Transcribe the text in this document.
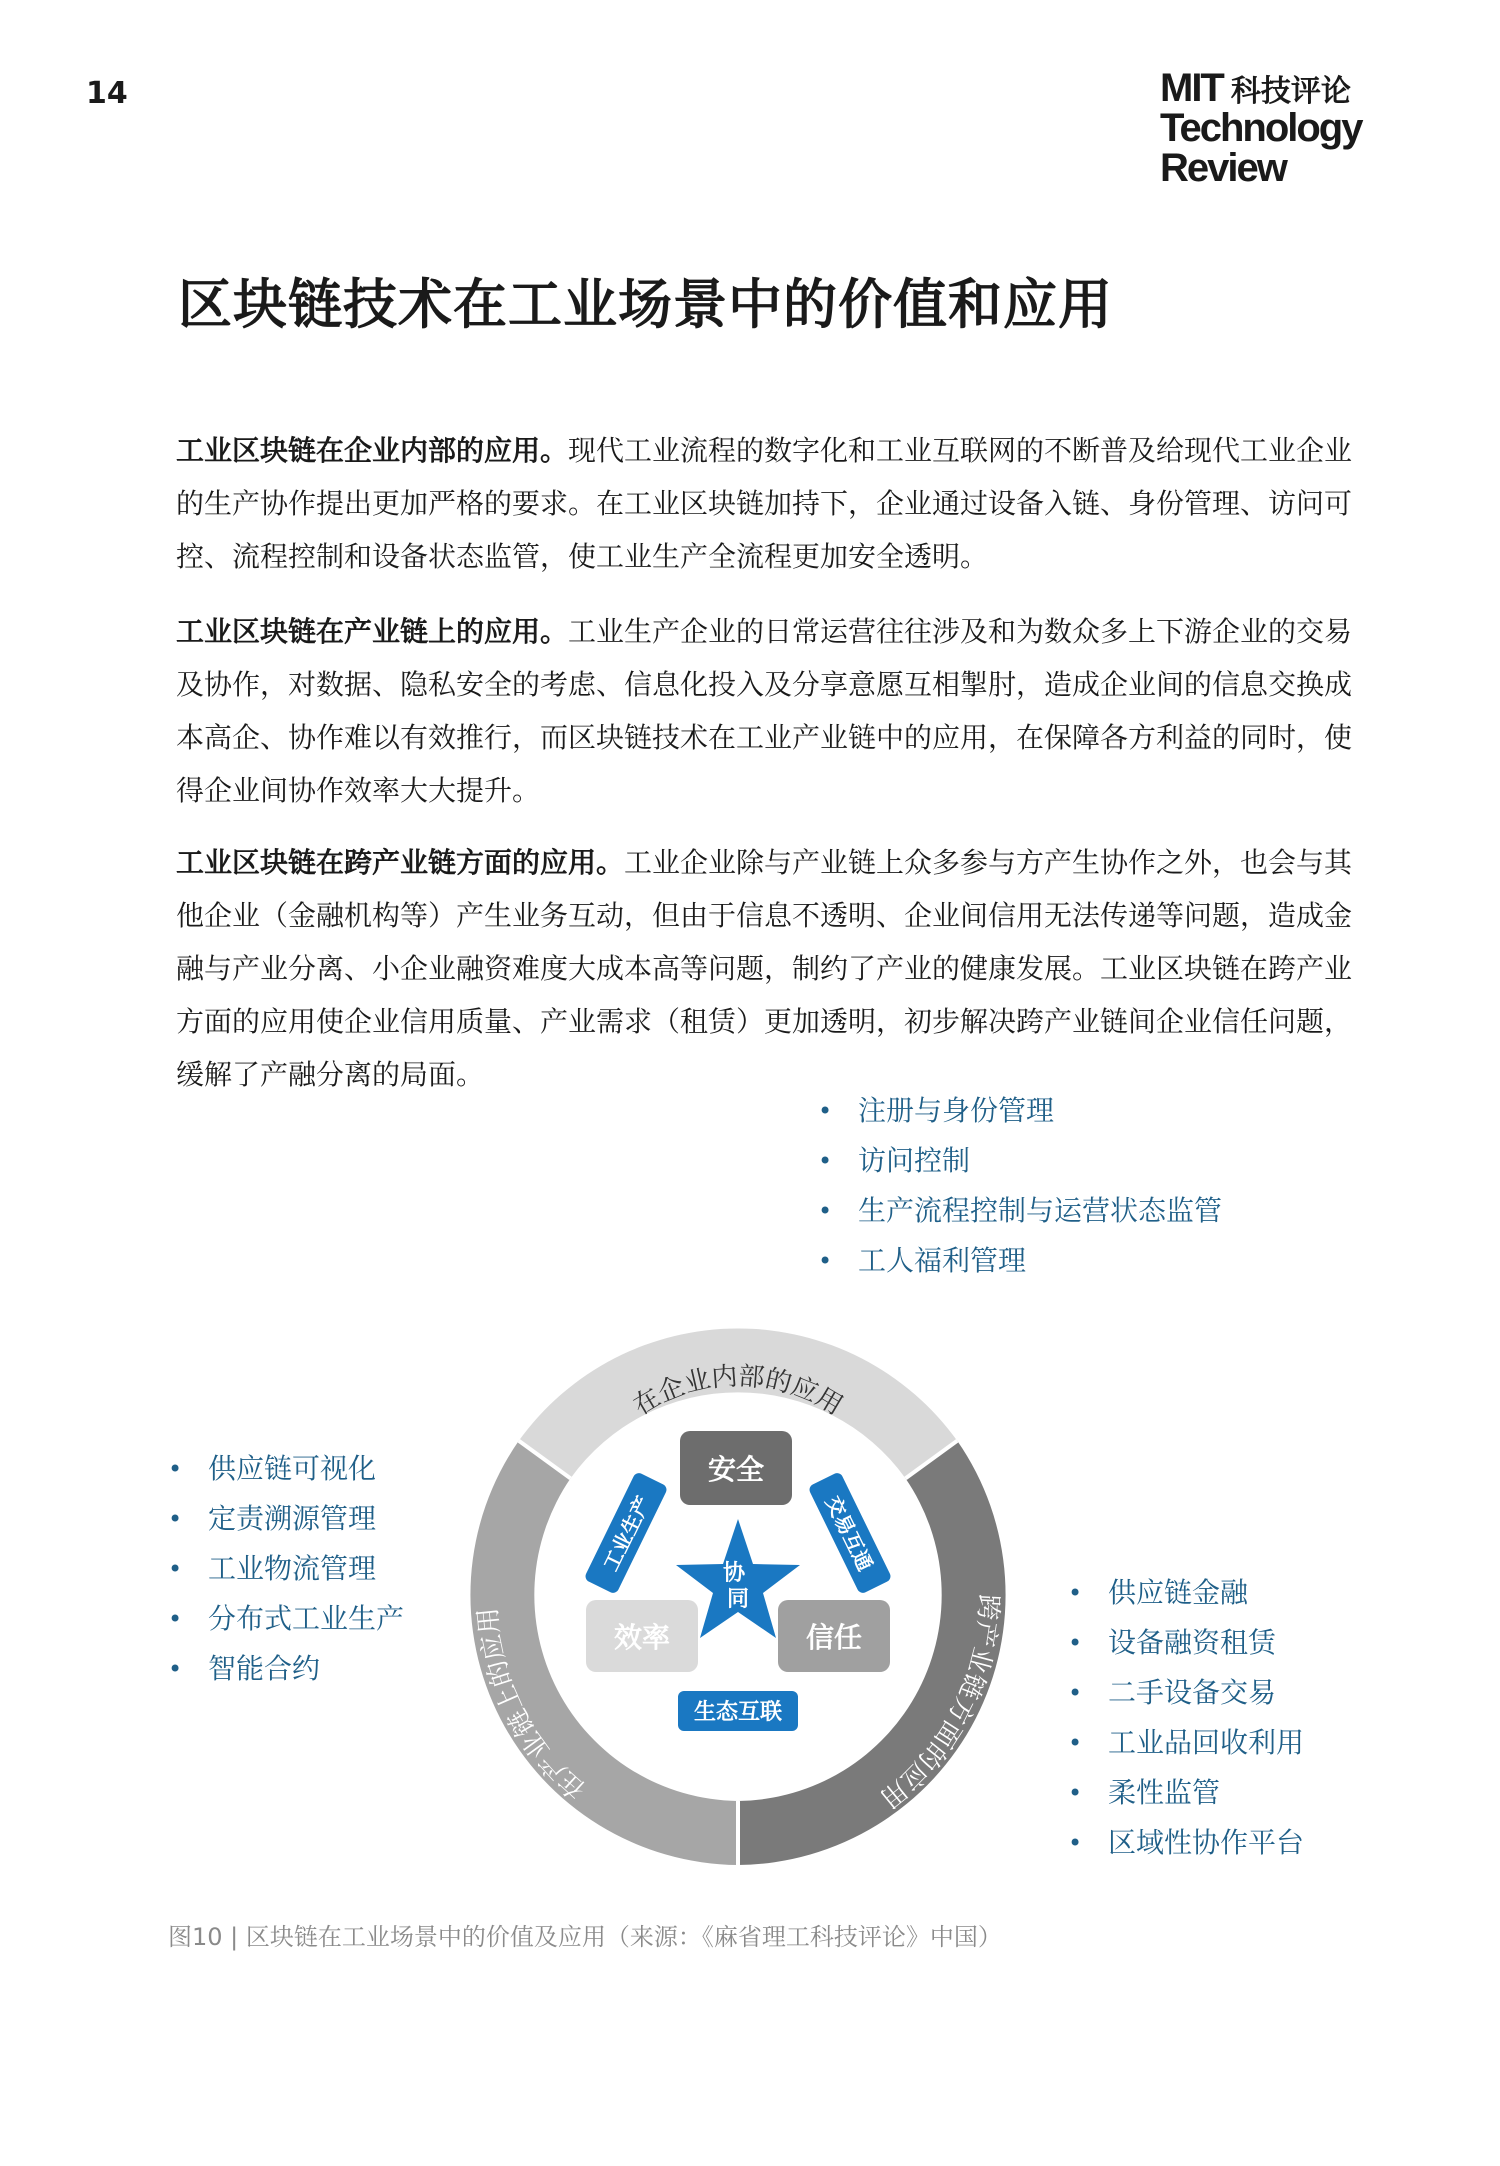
14	MIT 科技评论
Technology
Review
区块链技术在工业场景中的价值和应用

工业区块链在企业内部的应用。现代工业流程的数字化和工业互联网的不断普及给现代工业企业的生产协作提出更加严格的要求。在工业区块链加持下，企业通过设备入链、身份管理、访问可控、流程控制和设备状态监管，使工业生产全流程更加安全透明。

工业区块链在产业链上的应用。工业生产企业的日常运营往往涉及和为数众多上下游企业的交易及协作，对数据、隐私安全的考虑、信息化投入及分享意愿互相掣肘，造成企业间的信息交换成本高企、协作难以有效推行，而区块链技术在工业产业链中的应用，在保障各方利益的同时，使得企业间协作效率大大提升。

工业区块链在跨产业链方面的应用。工业企业除与产业链上众多参与方产生协作之外，也会与其他企业（金融机构等）产生业务互动，但由于信息不透明、企业间信用无法传递等问题，造成金融与产业分离、小企业融资难度大成本高等问题，制约了产业的健康发展。工业区块链在跨产业方面的应用使企业信用质量、产业需求（租赁）更加透明，初步解决跨产业链间企业信任问题，缓解了产融分离的局面。

• 注册与身份管理
• 访问控制
• 生产流程控制与运营状态监管
• 工人福利管理
• 供应链可视化
• 定责溯源管理
• 工业物流管理
• 分布式工业生产
• 智能合约
• 供应链金融
• 设备融资租赁
• 二手设备交易
• 工业品回收利用
• 柔性监管
• 区域性协作平台
在企业内部的应用
跨产业链方面的应用
在产业链上的应用
安全
效率	信任
工业生产	交易互通
生态互联
协 同
图10 | 区块链在工业场景中的价值及应用（来源：《麻省理工科技评论》中国）
